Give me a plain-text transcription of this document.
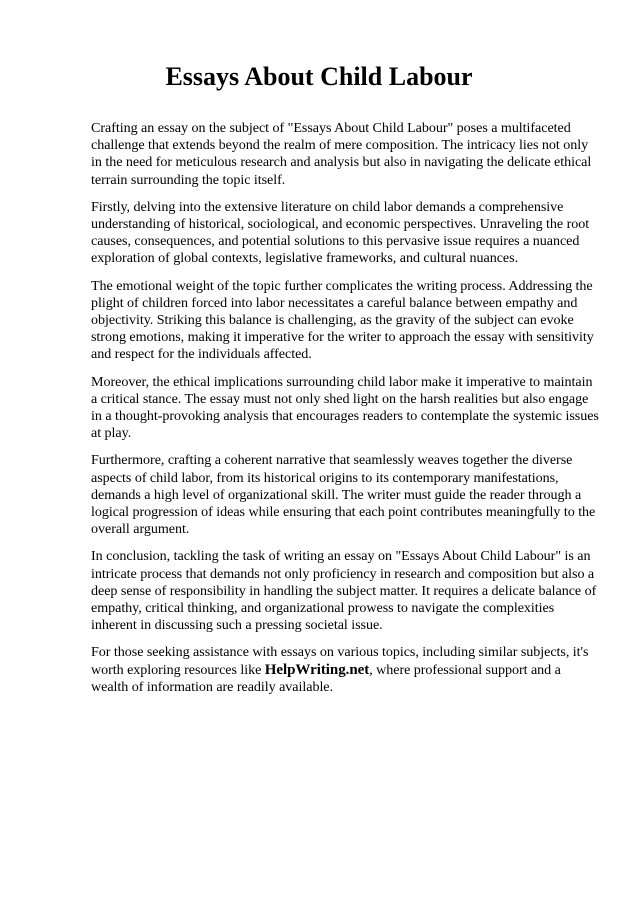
Essays About Child Labour

Crafting an essay on the subject of "Essays About Child Labour" poses a multifaceted challenge that extends beyond the realm of mere composition. The intricacy lies not only in the need for meticulous research and analysis but also in navigating the delicate ethical terrain surrounding the topic itself.

Firstly, delving into the extensive literature on child labor demands a comprehensive understanding of historical, sociological, and economic perspectives. Unraveling the root causes, consequences, and potential solutions to this pervasive issue requires a nuanced exploration of global contexts, legislative frameworks, and cultural nuances.

The emotional weight of the topic further complicates the writing process. Addressing the plight of children forced into labor necessitates a careful balance between empathy and objectivity. Striking this balance is challenging, as the gravity of the subject can evoke strong emotions, making it imperative for the writer to approach the essay with sensitivity and respect for the individuals affected.

Moreover, the ethical implications surrounding child labor make it imperative to maintain a critical stance. The essay must not only shed light on the harsh realities but also engage in a thought-provoking analysis that encourages readers to contemplate the systemic issues at play.

Furthermore, crafting a coherent narrative that seamlessly weaves together the diverse aspects of child labor, from its historical origins to its contemporary manifestations, demands a high level of organizational skill. The writer must guide the reader through a logical progression of ideas while ensuring that each point contributes meaningfully to the overall argument.

In conclusion, tackling the task of writing an essay on "Essays About Child Labour" is an intricate process that demands not only proficiency in research and composition but also a deep sense of responsibility in handling the subject matter. It requires a delicate balance of empathy, critical thinking, and organizational prowess to navigate the complexities inherent in discussing such a pressing societal issue.

For those seeking assistance with essays on various topics, including similar subjects, it's worth exploring resources like HelpWriting.net, where professional support and a wealth of information are readily available.
